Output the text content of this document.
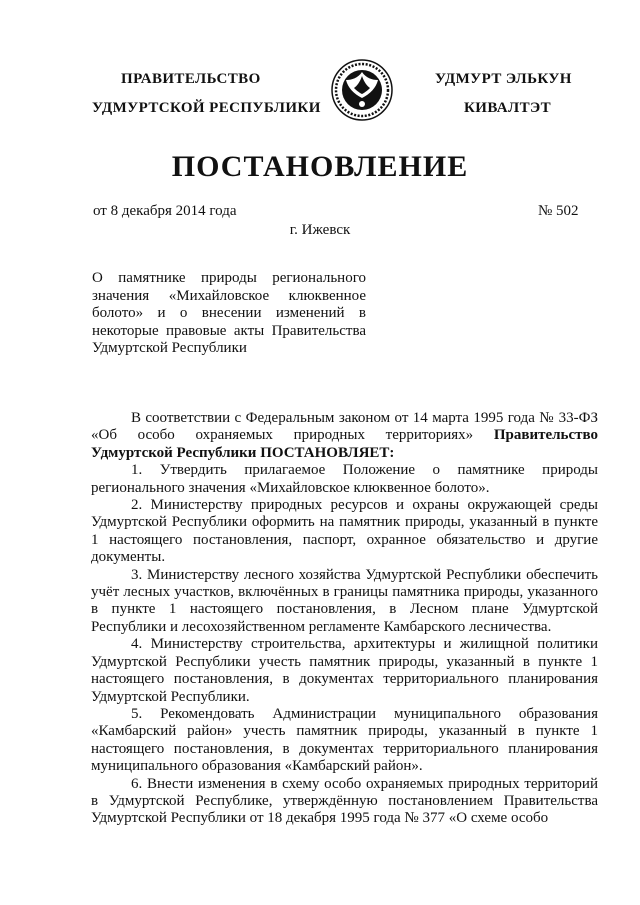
ПРАВИТЕЛЬСТВО
УДМУРТСКОЙ РЕСПУБЛИКИ
УДМУРТ ЭЛЬКУН
КИВАЛТЭТ
ПОСТАНОВЛЕНИЕ
от 8 декабря 2014 года	№ 502
г. Ижевск
О памятнике природы регионального значения «Михайловское клюквенное болото» и о внесении изменений в некоторые правовые акты Правительства Удмуртской Республики

В соответствии с Федеральным законом от 14 марта 1995 года № 33-ФЗ «Об особо охраняемых природных территориях» Правительство Удмуртской Республики ПОСТАНОВЛЯЕТ:

1. Утвердить прилагаемое Положение о памятнике природы регионального значения «Михайловское клюквенное болото».

2. Министерству природных ресурсов и охраны окружающей среды Удмуртской Республики оформить на памятник природы, указанный в пункте 1 настоящего постановления, паспорт, охранное обязательство и другие документы.

3. Министерству лесного хозяйства Удмуртской Республики обеспечить учёт лесных участков, включённых в границы памятника природы, указанного в пункте 1 настоящего постановления, в Лесном плане Удмуртской Республики и лесохозяйственном регламенте Камбарского лесничества.

4. Министерству строительства, архитектуры и жилищной политики Удмуртской Республики учесть памятник природы, указанный в пункте 1 настоящего постановления, в документах территориального планирования Удмуртской Республики.

5. Рекомендовать Администрации муниципального образования «Камбарский район» учесть памятник природы, указанный в пункте 1 настоящего постановления, в документах территориального планирования муниципального образования «Камбарский район».

6. Внести изменения в схему особо охраняемых природных территорий в Удмуртской Республике, утверждённую постановлением Правительства Удмуртской Республики от 18 декабря 1995 года № 377 «О схеме особо
